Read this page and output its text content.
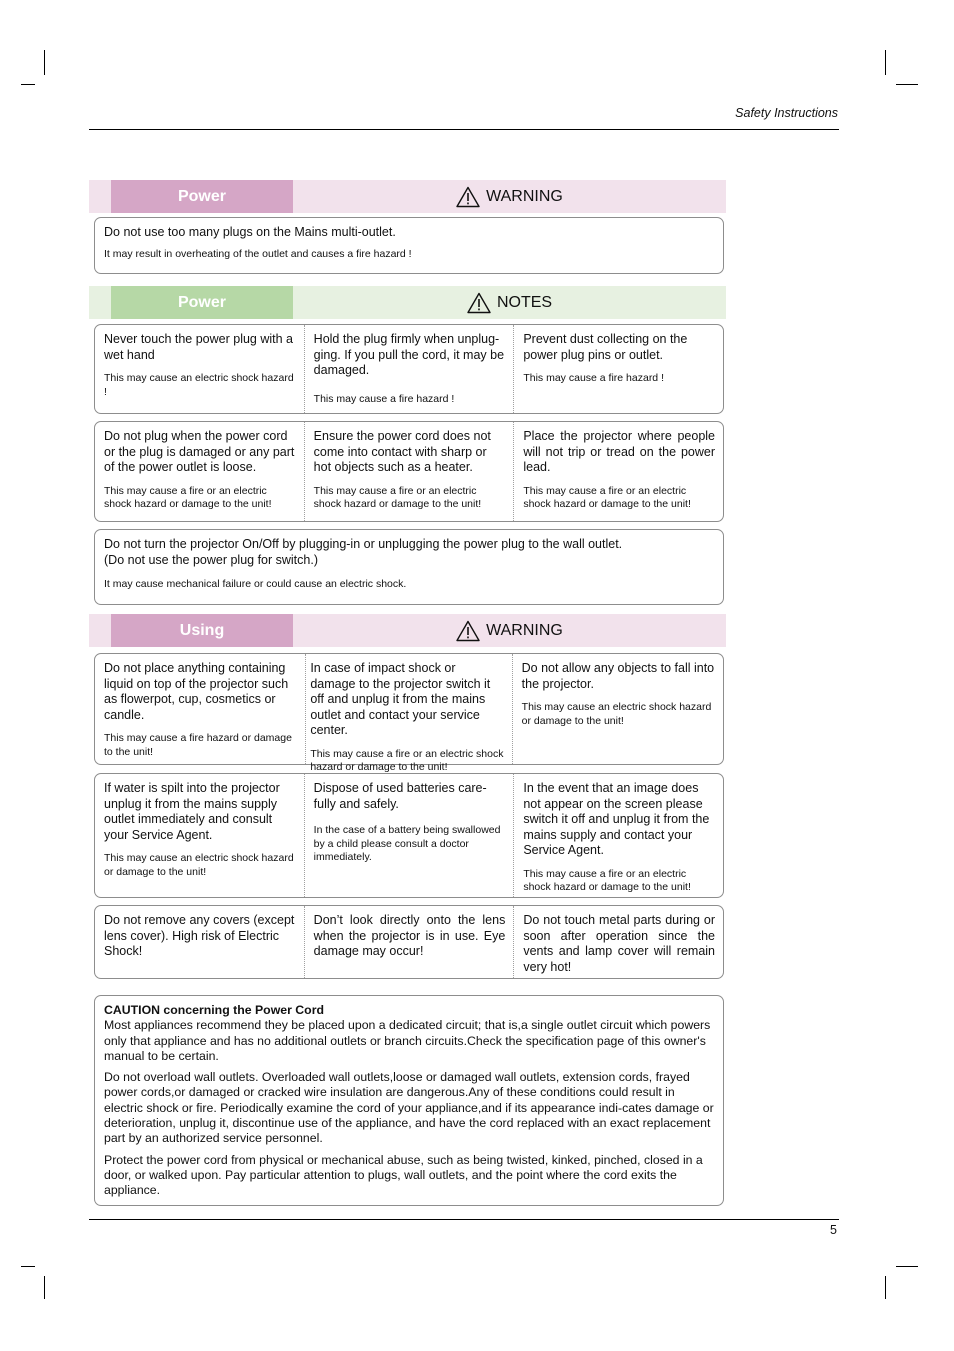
Safety Instructions
Power	WARNING
Do not use too many plugs on the Mains multi-outlet.
It may result in overheating of the outlet and causes a fire hazard !
Power	NOTES
Never touch the power plug with a wet hand
This may cause an electric shock hazard !
Hold the plug firmly when unplug-ging. If you pull the cord, it may be damaged.
This may cause a fire hazard !
Prevent dust collecting on the power plug pins or outlet.
This may cause a fire hazard !
Do not plug when the power cord or the plug is damaged or any part of the power outlet is loose.
This may cause a fire or an electric shock hazard or damage to the unit!
Ensure the power cord does not come into contact with sharp or hot objects such as a heater.
This may cause a fire or an electric shock hazard or damage to the unit!
Place the projector where people will not trip or tread on the power lead.
This may cause a fire or an electric shock hazard or damage to the unit!
Do not turn the projector On/Off by plugging-in or unplugging the power plug to the wall outlet.
(Do not use the power plug for switch.)
It may cause mechanical failure or could cause an electric shock.
Using	WARNING
Do not place anything containing liquid on top of the projector such as flowerpot, cup, cosmetics or candle.
This may cause a fire hazard or damage to the unit!
In case of impact shock or damage to the projector switch it off and unplug it from the mains outlet and contact your service center.
This may cause a fire or an electric shock hazard or damage to the unit!
Do not allow any objects to fall into the projector.
This may cause an electric shock hazard or damage to the unit!
If water is spilt into the projector unplug it from the mains supply outlet immediately and consult your Service Agent.
This may cause an electric shock hazard or damage to the unit!
Dispose of used batteries care-fully and safely.
In the case of a battery being swallowed by a child please consult a doctor immediately.
In the event that an image does not appear on the screen please switch it off and unplug it from the mains supply and contact your Service Agent.
This may cause a fire or an electric shock hazard or damage to the unit!
Do not remove any covers (except lens cover). High risk of Electric Shock!
Don’t look directly onto the lens when the projector is in use. Eye damage may occur!
Do not touch metal parts during or soon after operation since the vents and lamp cover will remain very hot!
CAUTION concerning the Power Cord

Most appliances recommend they be placed upon a dedicated circuit; that is,a single outlet circuit which powers only that appliance and has no additional outlets or branch circuits.Check the specification page of this owner's manual to be certain.

Do not overload wall outlets. Overloaded wall outlets,loose or damaged wall outlets, extension cords, frayed power cords,or damaged or cracked wire insulation are dangerous.Any of these conditions could result in electric shock or fire. Periodically examine the cord of your appliance,and if its appearance indi-cates damage or deterioration, unplug it, discontinue use of the appliance, and have the cord replaced with an exact replacement part by an authorized service personnel.

Protect the power cord from physical or mechanical abuse, such as being twisted, kinked, pinched, closed in a door, or walked upon. Pay particular attention to plugs, wall outlets, and the point where the cord exits the appliance.

5
